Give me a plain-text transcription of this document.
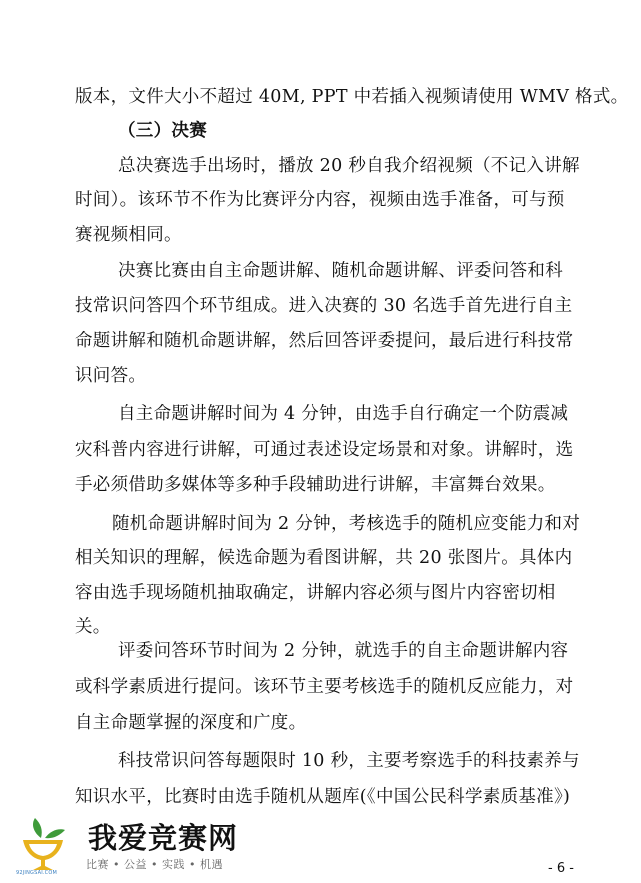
版本，文件大小不超过 40M, PPT 中若插入视频请使用 WMV 格式。
（三）决赛
总决赛选手出场时，播放 20 秒自我介绍视频（不记入讲解
时间）。该环节不作为比赛评分内容，视频由选手准备，可与预
赛视频相同。
决赛比赛由自主命题讲解、随机命题讲解、评委问答和科
技常识问答四个环节组成。进入决赛的 30 名选手首先进行自主
命题讲解和随机命题讲解，然后回答评委提问，最后进行科技常
识问答。
自主命题讲解时间为 4 分钟，由选手自行确定一个防震减
灾科普内容进行讲解，可通过表述设定场景和对象。讲解时，选
手必须借助多媒体等多种手段辅助进行讲解，丰富舞台效果。
随机命题讲解时间为 2 分钟，考核选手的随机应变能力和对
相关知识的理解，候选命题为看图讲解，共 20 张图片。具体内
容由选手现场随机抽取确定，讲解内容必须与图片内容密切相
关。
评委问答环节时间为 2 分钟，就选手的自主命题讲解内容
或科学素质进行提问。该环节主要考核选手的随机反应能力，对
自主命题掌握的深度和广度。
科技常识问答每题限时 10 秒，主要考察选手的科技素养与
知识水平，比赛时由选手随机从题库(《中国公民科学素质基准》)
92JINGSAI.COM
我爱竞赛网
比赛 • 公益 • 实践 • 机遇	- 6 -
